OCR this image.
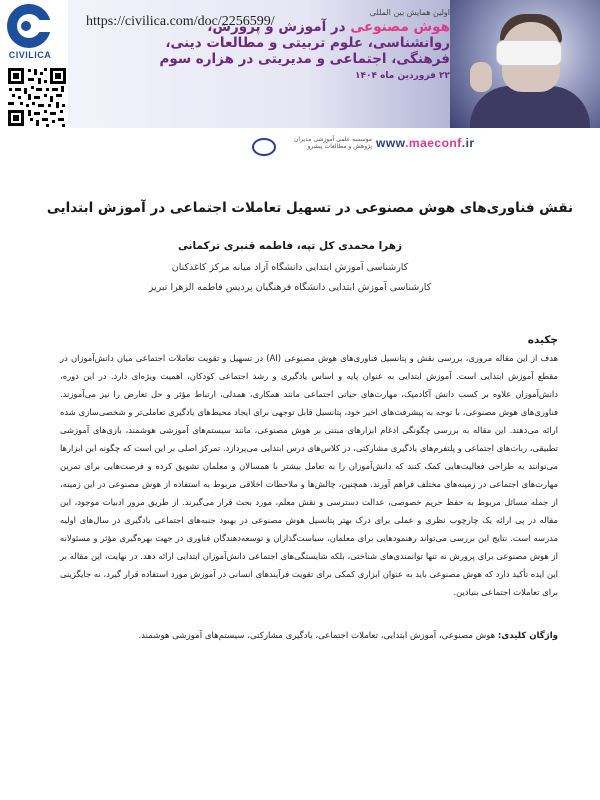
CIVILICA
اولین همایش بین المللی
هوش مصنوعی در آموزش و پرورش،
روانشناسی، علوم تربیتی و مطالعات دینی،
فرهنگی، اجتماعی و مدیریتی در هزاره سوم
۲۲ فروردین ماه ۱۴۰۴
https://civilica.com/doc/2256599/
موسسه علمی آموزشی مدیران پژوهش و مطالعات پیشرو www.maeconf.ir
نقش فناوری‌های هوش مصنوعی در تسهیل تعاملات اجتماعی در آموزش ابتدایی
زهرا محمدی کل تپه، فاطمه قنبری ترکمانی
کارشناسی آموزش ابتدایی دانشگاه آزاد میانه مرکز کاغذکنان
کارشناسی آموزش ابتدایی دانشگاه فرهنگیان پردیس فاطمه الزهرا تبریز
چکیده
هدف از این مقاله مروری، بررسی نقش و پتانسیل فناوری‌های هوش مصنوعی (AI) در تسهیل و تقویت تعاملات اجتماعی میان دانش‌آموزان در مقطع آموزش ابتدایی است. آموزش ابتدایی به عنوان پایه و اساس یادگیری و رشد اجتماعی کودکان، اهمیت ویژه‌ای دارد. در این دوره، دانش‌آموزان علاوه بر کسب دانش آکادمیک، مهارت‌های حیاتی اجتماعی مانند همکاری، همدلی، ارتباط مؤثر و حل تعارض را نیز می‌آموزند. فناوری‌های هوش مصنوعی، با توجه به پیشرفت‌های اخیر خود، پتانسیل قابل توجهی برای ایجاد محیط‌های یادگیری تعاملی‌تر و شخصی‌سازی شده ارائه می‌دهند. این مقاله به بررسی چگونگی ادغام ابزارهای مبتنی بر هوش مصنوعی، مانند سیستم‌های آموزشی هوشمند، بازی‌های آموزشی تطبیقی، ربات‌های اجتماعی و پلتفرم‌های یادگیری مشارکتی، در کلاس‌های درس ابتدایی می‌پردازد. تمرکز اصلی بر این است که چگونه این ابزارها می‌توانند به طراحی فعالیت‌هایی کمک کنند که دانش‌آموزان را به تعامل بیشتر با همسالان و معلمان تشویق کرده و فرصت‌هایی برای تمرین مهارت‌های اجتماعی در زمینه‌های مختلف فراهم آورند. همچنین، چالش‌ها و ملاحظات اخلاقی مربوط به استفاده از هوش مصنوعی در این زمینه، از جمله مسائل مربوط به حفظ حریم خصوصی، عدالت دسترسی و نقش معلم، مورد بحث قرار می‌گیرند. از طریق مرور ادبیات موجود، این مقاله در پی ارائه یک چارچوب نظری و عملی برای درک بهتر پتانسیل هوش مصنوعی در بهبود جنبه‌های اجتماعی یادگیری در سال‌های اولیه مدرسه است. نتایج این بررسی می‌تواند رهنمودهایی برای معلمان، سیاست‌گذاران و توسعه‌دهندگان فناوری در جهت بهره‌گیری مؤثر و مسئولانه از هوش مصنوعی برای پرورش نه تنها توانمندی‌های شناختی، بلکه شایستگی‌های اجتماعی دانش‌آموزان ابتدایی ارائه دهد. در نهایت، این مقاله بر این ایده تأکید دارد که هوش مصنوعی باید به عنوان ابزاری کمکی برای تقویت فرآیندهای انسانی در آموزش مورد استفاده قرار گیرد، نه جایگزینی برای تعاملات اجتماعی بنیادین.
واژگان کلیدی: هوش مصنوعی، آموزش ابتدایی، تعاملات اجتماعی، یادگیری مشارکتی، سیستم‌های آموزشی هوشمند.
